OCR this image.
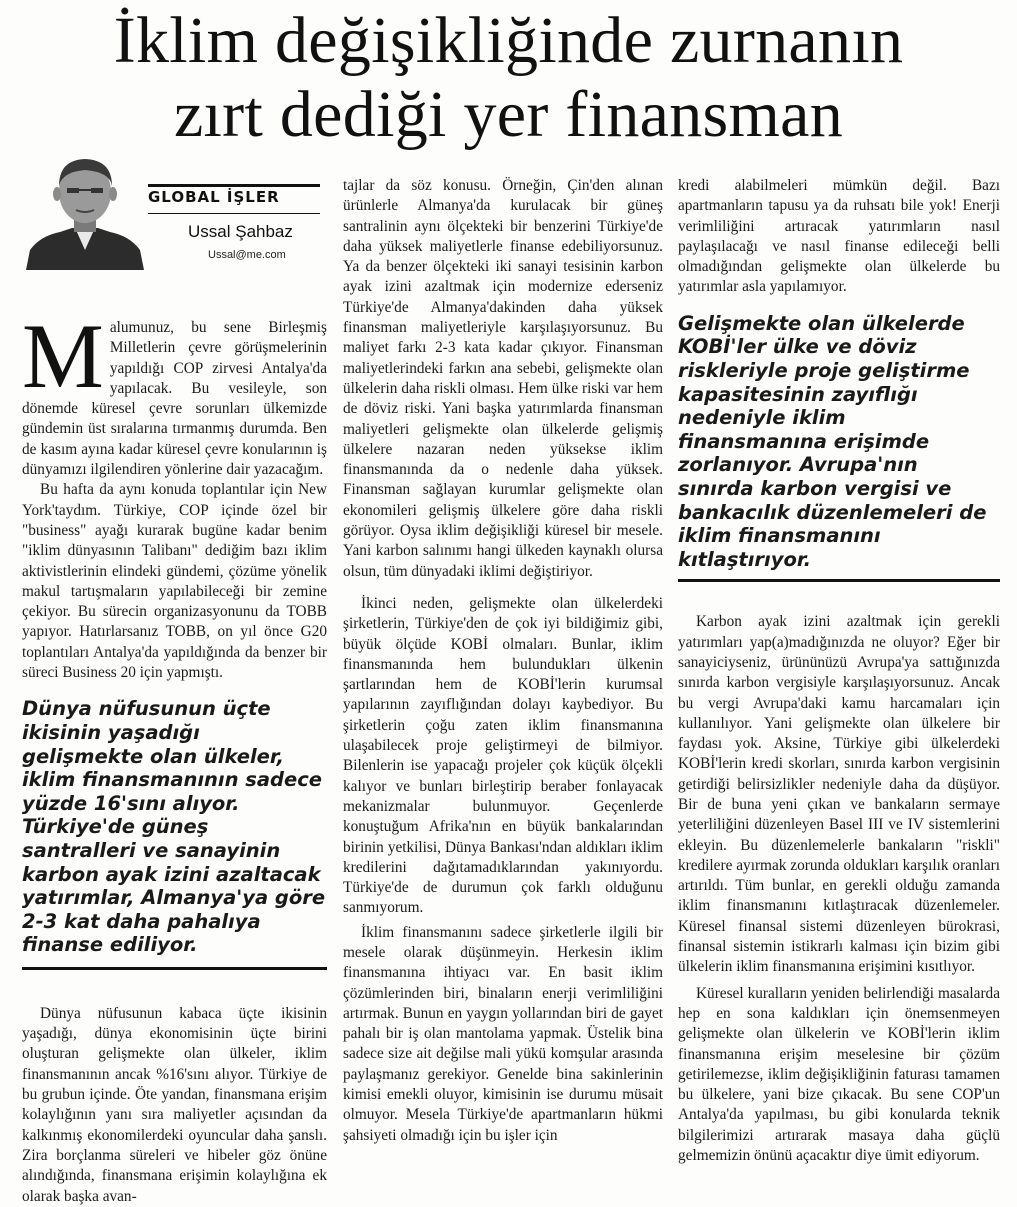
İklim değişikliğinde zurnanın
zırt dediği yer finansman
GLOBAL İŞLER
Ussal Şahbaz
Ussal@me.com

Malumunuz, bu sene Birleşmiş Milletlerin çevre görüşmelerinin yapıldığı COP zirvesi Antalya'da yapılacak. Bu vesileyle, son dönemde küresel çevre sorunları ülkemizde gündemin üst sıralarına tırmanmış durumda. Ben de kasım ayına kadar küresel çevre konularının iş dünyamızı ilgilendiren yönlerine dair yazacağım.

Bu hafta da aynı konuda toplantılar için New York'taydım. Türkiye, COP içinde özel bir "business" ayağı kurarak bugüne kadar benim "iklim dünyasının Talibanı" dediğim bazı iklim aktivistlerinin elindeki gündemi, çözüme yönelik makul tartışmaların yapılabileceği bir zemine çekiyor. Bu sürecin organizasyonunu da TOBB yapıyor. Hatırlarsanız TOBB, on yıl önce G20 toplantıları Antalya'da yapıldığında da benzer bir süreci Business 20 için yapmıştı.

Dünya nüfusunun üçte ikisinin yaşadığı gelişmekte olan ülkeler, iklim finansmanının sadece yüzde 16'sını alıyor. Türkiye'de güneş santralleri ve sanayinin karbon ayak izini azaltacak yatırımlar, Almanya'ya göre 2-3 kat daha pahalıya finanse ediliyor.

Dünya nüfusunun kabaca üçte ikisinin yaşadığı, dünya ekonomisinin üçte birini oluşturan gelişmekte olan ülkeler, iklim finansmanının ancak %16'sını alıyor. Türkiye de bu grubun içinde. Öte yandan, finansmana erişim kolaylığının yanı sıra maliyetler açısından da kalkınmış ekonomilerdeki oyuncular daha şanslı. Zira borçlanma süreleri ve hibeler göz önüne alındığında, finansmana erişimin kolaylığına ek olarak başka avan-

tajlar da söz konusu. Örneğin, Çin'den alınan ürünlerle Almanya'da kurulacak bir güneş santralinin aynı ölçekteki bir benzerini Türkiye'de daha yüksek maliyetlerle finanse edebiliyorsunuz. Ya da benzer ölçekteki iki sanayi tesisinin karbon ayak izini azaltmak için modernize ederseniz Türkiye'de Almanya'dakinden daha yüksek finansman maliyetleriyle karşılaşıyorsunuz. Bu maliyet farkı 2-3 kata kadar çıkıyor. Finansman maliyetlerindeki farkın ana sebebi, gelişmekte olan ülkelerin daha riskli olması. Hem ülke riski var hem de döviz riski. Yani başka yatırımlarda finansman maliyetleri gelişmekte olan ülkelerde gelişmiş ülkelere nazaran neden yüksekse iklim finansmanında da o nedenle daha yüksek. Finansman sağlayan kurumlar gelişmekte olan ekonomileri gelişmiş ülkelere göre daha riskli görüyor. Oysa iklim değişikliği küresel bir mesele. Yani karbon salınımı hangi ülkeden kaynaklı olursa olsun, tüm dünyadaki iklimi değiştiriyor.

İkinci neden, gelişmekte olan ülkelerdeki şirketlerin, Türkiye'den de çok iyi bildiğimiz gibi, büyük ölçüde KOBİ olmaları. Bunlar, iklim finansmanında hem bulundukları ülkenin şartlarından hem de KOBİ'lerin kurumsal yapılarının zayıflığından dolayı kaybediyor. Bu şirketlerin çoğu zaten iklim finansmanına ulaşabilecek proje geliştirmeyi de bilmiyor. Bilenlerin ise yapacağı projeler çok küçük ölçekli kalıyor ve bunları birleştirip beraber fonlayacak mekanizmalar bulunmuyor. Geçenlerde konuştuğum Afrika'nın en büyük bankalarından birinin yetkilisi, Dünya Bankası'ndan aldıkları iklim kredilerini dağıtamadıklarından yakınıyordu. Türkiye'de de durumun çok farklı olduğunu sanmıyorum.

İklim finansmanını sadece şirketlerle ilgili bir mesele olarak düşünmeyin. Herkesin iklim finansmanına ihtiyacı var. En basit iklim çözümlerinden biri, binaların enerji verimliliğini artırmak. Bunun en yaygın yollarından biri de gayet pahalı bir iş olan mantolama yapmak. Üstelik bina sadece size ait değilse mali yükü komşular arasında paylaşmanız gerekiyor. Genelde bina sakinlerinin kimisi emekli oluyor, kimisinin ise durumu müsait olmuyor. Mesela Türkiye'de apartmanların hükmi şahsiyeti olmadığı için bu işler için

kredi alabilmeleri mümkün değil. Bazı apartmanların tapusu ya da ruhsatı bile yok! Enerji verimliliğini artıracak yatırımların nasıl paylaşılacağı ve nasıl finanse edileceği belli olmadığından gelişmekte olan ülkelerde bu yatırımlar asla yapılamıyor.

Gelişmekte olan ülkelerde KOBİ'ler ülke ve döviz riskleriyle proje geliştirme kapasitesinin zayıflığı nedeniyle iklim finansmanına erişimde zorlanıyor. Avrupa'nın sınırda karbon vergisi ve bankacılık düzenlemeleri de iklim finansmanını kıtlaştırıyor.

Karbon ayak izini azaltmak için gerekli yatırımları yap(a)madığınızda ne oluyor? Eğer bir sanayiciyseniz, ürününüzü Avrupa'ya sattığınızda sınırda karbon vergisiyle karşılaşıyorsunuz. Ancak bu vergi Avrupa'daki kamu harcamaları için kullanılıyor. Yani gelişmekte olan ülkelere bir faydası yok. Aksine, Türkiye gibi ülkelerdeki KOBİ'lerin kredi skorları, sınırda karbon vergisinin getirdiği belirsizlikler nedeniyle daha da düşüyor. Bir de buna yeni çıkan ve bankaların sermaye yeterliliğini düzenleyen Basel III ve IV sistemlerini ekleyin. Bu düzenlemelerle bankaların "riskli" kredilere ayırmak zorunda oldukları karşılık oranları artırıldı. Tüm bunlar, en gerekli olduğu zamanda iklim finansmanını kıtlaştıracak düzenlemeler. Küresel finansal sistemi düzenleyen bürokrasi, finansal sistemin istikrarlı kalması için bizim gibi ülkelerin iklim finansmanına erişimini kısıtlıyor.

Küresel kuralların yeniden belirlendiği masalarda hep en sona kaldıkları için önemsenmeyen gelişmekte olan ülkelerin ve KOBİ'lerin iklim finansmanına erişim meselesine bir çözüm getirilemezse, iklim değişikliğinin faturası tamamen bu ülkelere, yani bize çıkacak. Bu sene COP'un Antalya'da yapılması, bu gibi konularda teknik bilgilerimizi artırarak masaya daha güçlü gelmemizin önünü açacaktır diye ümit ediyorum.
